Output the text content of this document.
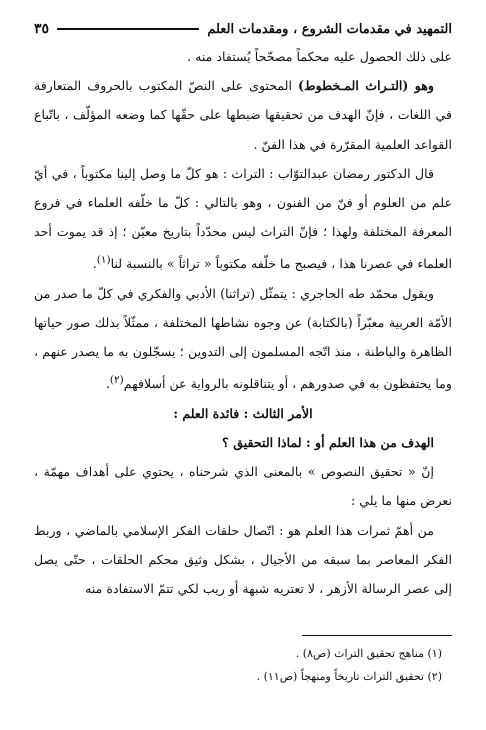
التمهيد في مقدمات الشروع ، ومقدمات العلم
٣٥

على ذلك الحصول عليه محكماً مصحّحاً يُستفاد منه .

وهو (التـراث المـخطوط) المحتوى على النصّ المكتوب بالحروف المتعارفة في اللغات ، فإنّ الهدف من تحقيقها ضبطها على حقّها كما وضعه المؤلّف ، باتّباع القواعد العلمية المقرّرة في هذا الفنّ .

قال الدكتور رمضان عبدالتوّاب : التراث : هو كلّ ما وصل إلينا مكتوباً ، في أيّ علم من العلوم أو فنّ من الفنون ، وهو بالتالي : كلّ ما خلّفه العلماء في فروع المعرفة المختلفة ولهذا ؛ فإنّ التراث ليس محدّداً بتاريخ معيّن ؛ إذ قد يموت أحد العلماء في عصرنا هذا ، فيصبح ما خلّفه مكتوباً « تراثاً » بالنسبة لنا$^{(١)}$.

ويقول محمّد طه الحاجري : يتمثّل (تراثنا) الأدبي والفكري في كلّ ما صدر من الأمّة العربية معبّراً (بالكتابة) عن وجوه نشاطها المختلفة ، ممثّلاً بذلك صور حياتها الظاهرة والباطنة ، منذ اتّجه المسلمون إلى التدوين ؛ يسجّلون به ما يصدر عنهم ، وما يحتفظون به في صدورهم ، أو يتناقلونه بالرواية عن أسلافهم$^{(٢)}$.

الأمر الثالث : فائدة العلم :

الهدف من هذا العلم أو : لماذا التحقيق ؟

إنّ « تحقيق النصوص » بالمعنى الذي شرحناه ، يحتوي على أهداف مهمّة ، نعرض منها ما يلي :

من أهمّ ثمرات هذا العلم هو : اتّصال حلقات الفكر الإسلامي بالماضي ، وربط الفكر المعاصر بما سبقه من الأجيال ، بشكل وثيق محكم الحلقات ، حتّى يصل إلى عصر الرسالة الأزهر ، لا تعتريه شبهة أو ريب لكي تتمّ الاستفادة منه

(١) مناهج تحقيق التراث (ص٨) .

(٢) تحقيق التراث تاريخاً ومنهجاً (ص١١) .
